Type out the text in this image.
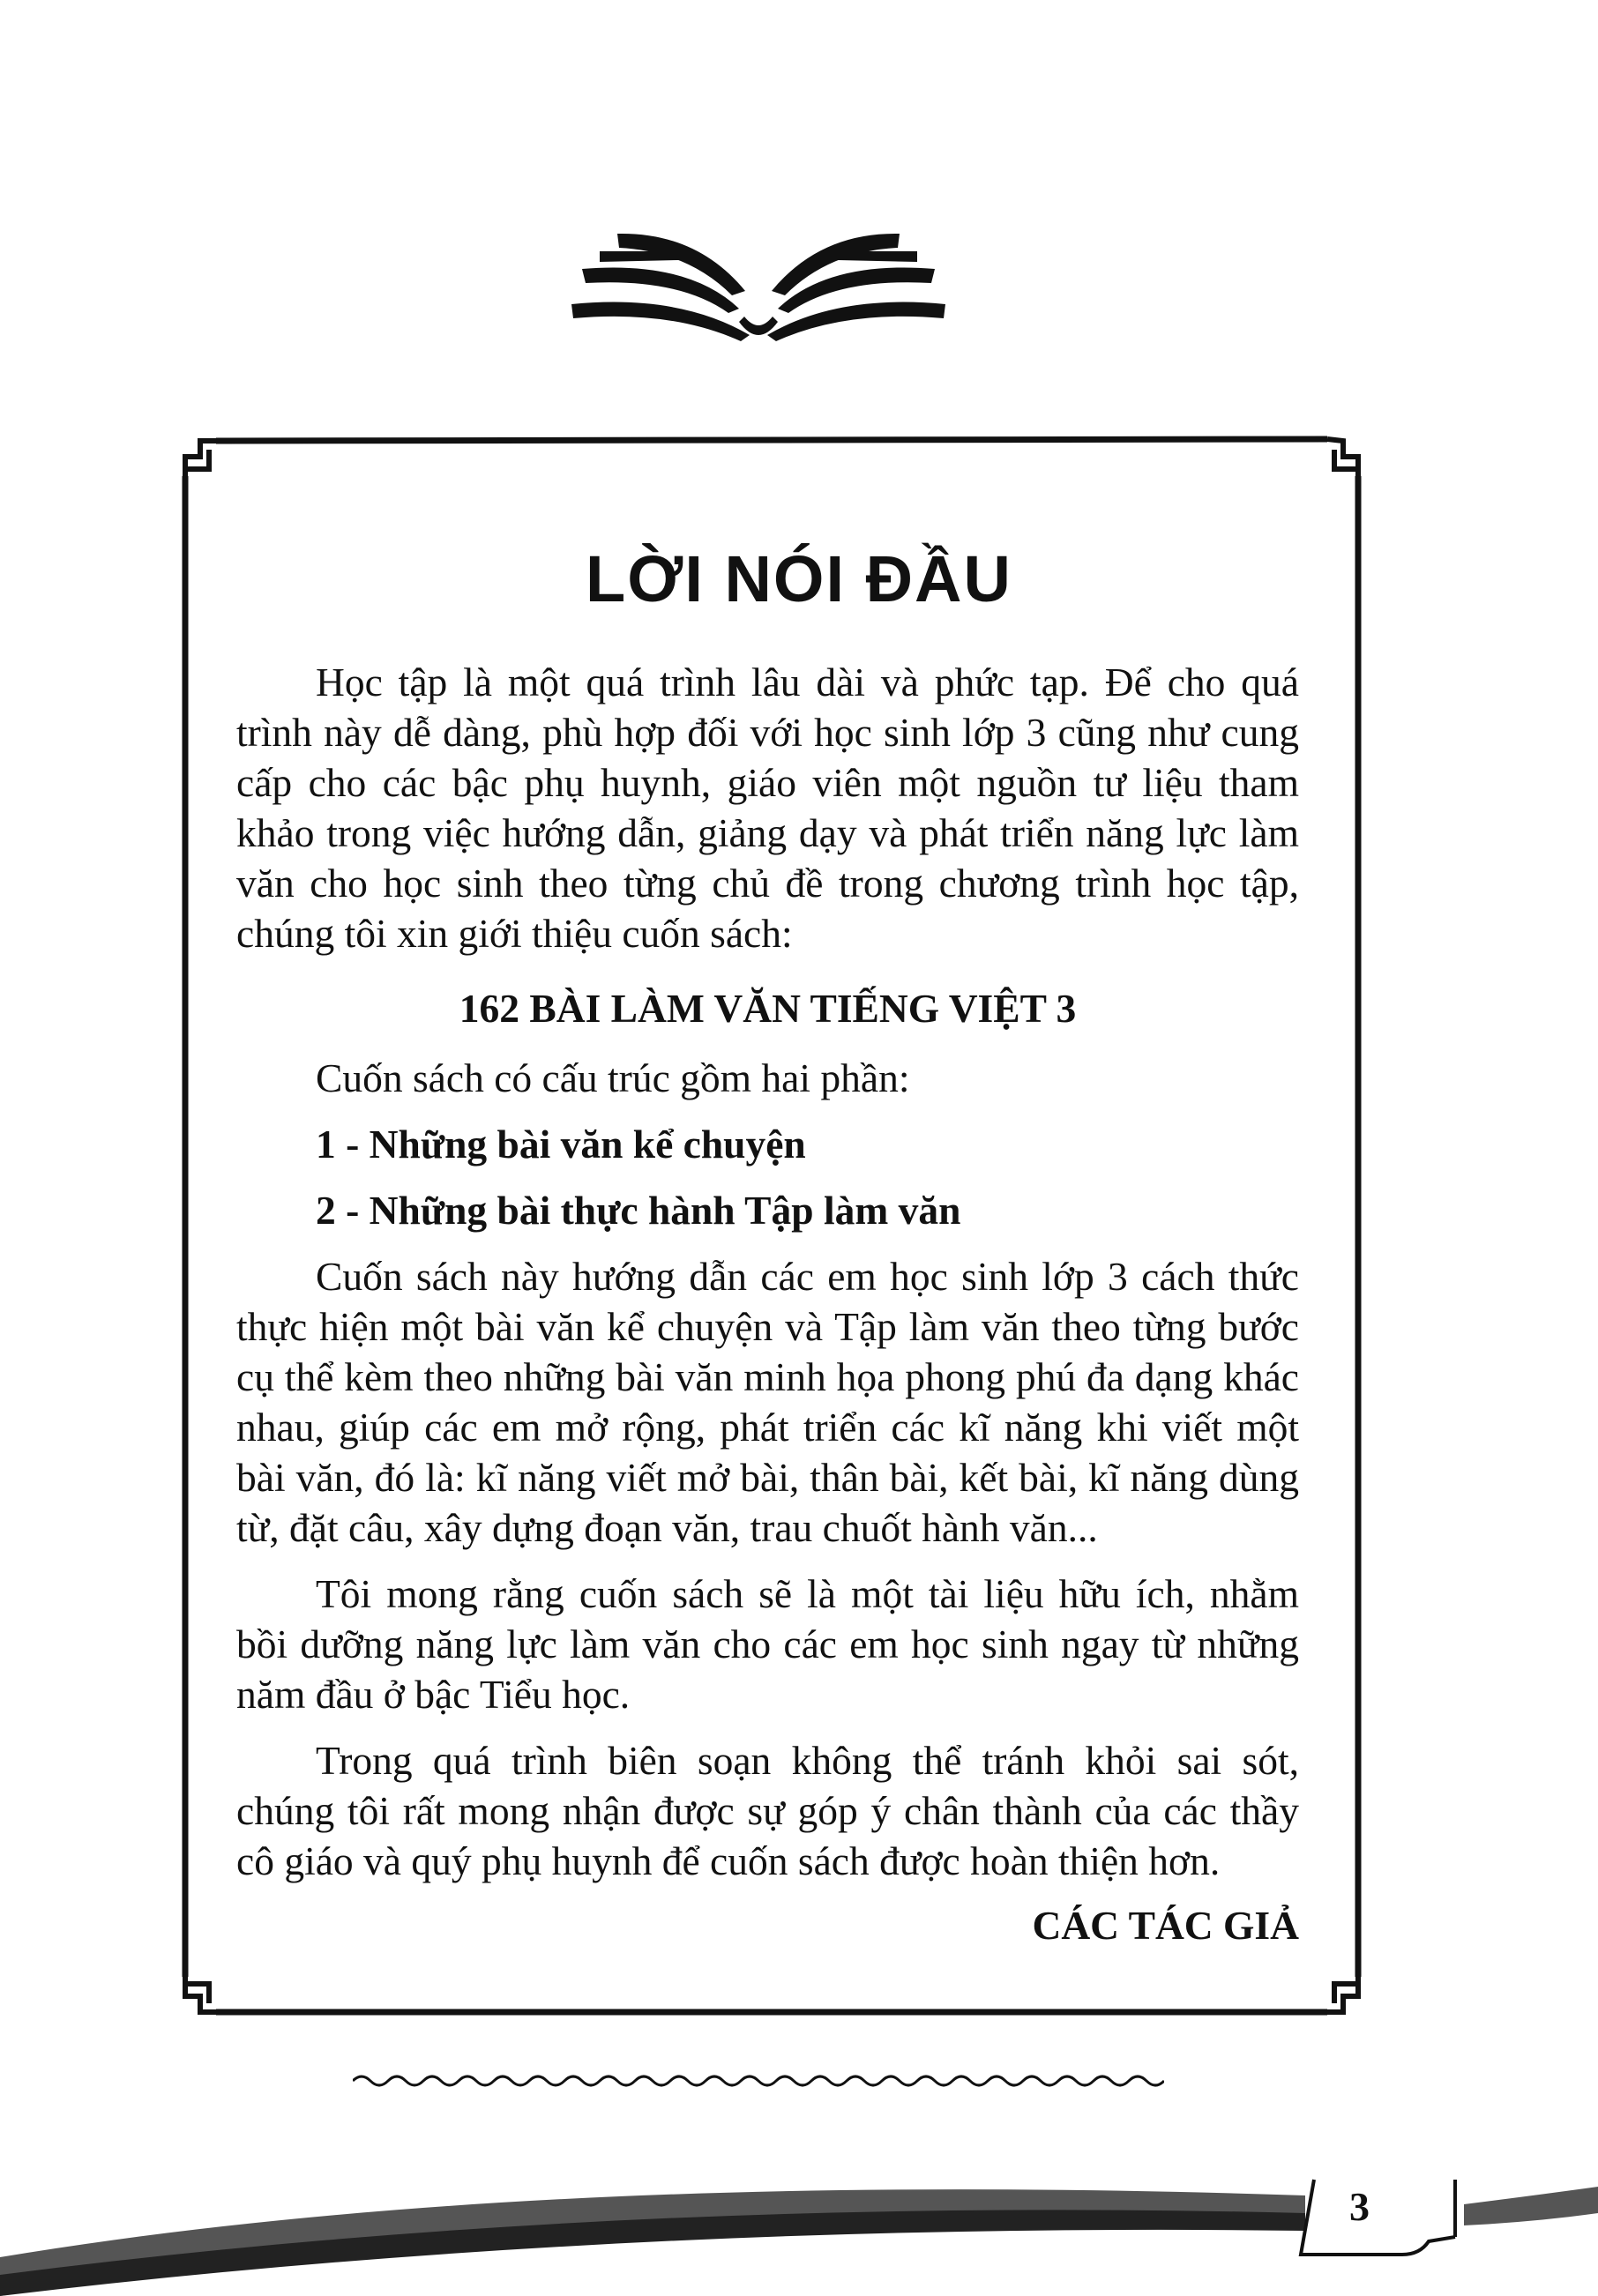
LỜI NÓI ĐẦU

Học tập là một quá trình lâu dài và phức tạp. Để cho quá trình này dễ dàng, phù hợp đối với học sinh lớp 3 cũng như cung cấp cho các bậc phụ huynh, giáo viên một nguồn tư liệu tham khảo trong việc hướng dẫn, giảng dạy và phát triển năng lực làm văn cho học sinh theo từng chủ đề trong chương trình học tập, chúng tôi xin giới thiệu cuốn sách:

162 BÀI LÀM VĂN TIẾNG VIỆT 3

Cuốn sách có cấu trúc gồm hai phần:

1 - Những bài văn kể chuyện

2 - Những bài thực hành Tập làm văn

Cuốn sách này hướng dẫn các em học sinh lớp 3 cách thức thực hiện một bài văn kể chuyện và Tập làm văn theo từng bước cụ thể kèm theo những bài văn minh họa phong phú đa dạng khác nhau, giúp các em mở rộng, phát triển các kĩ năng khi viết một bài văn, đó là: kĩ năng viết mở bài, thân bài, kết bài, kĩ năng dùng từ, đặt câu, xây dựng đoạn văn, trau chuốt hành văn...

Tôi mong rằng cuốn sách sẽ là một tài liệu hữu ích, nhằm bồi dưỡng năng lực làm văn cho các em học sinh ngay từ những năm đầu ở bậc Tiểu học.

Trong quá trình biên soạn không thể tránh khỏi sai sót, chúng tôi rất mong nhận được sự góp ý chân thành của các thầy cô giáo và quý phụ huynh để cuốn sách được hoàn thiện hơn.

CÁC TÁC GIẢ

3
